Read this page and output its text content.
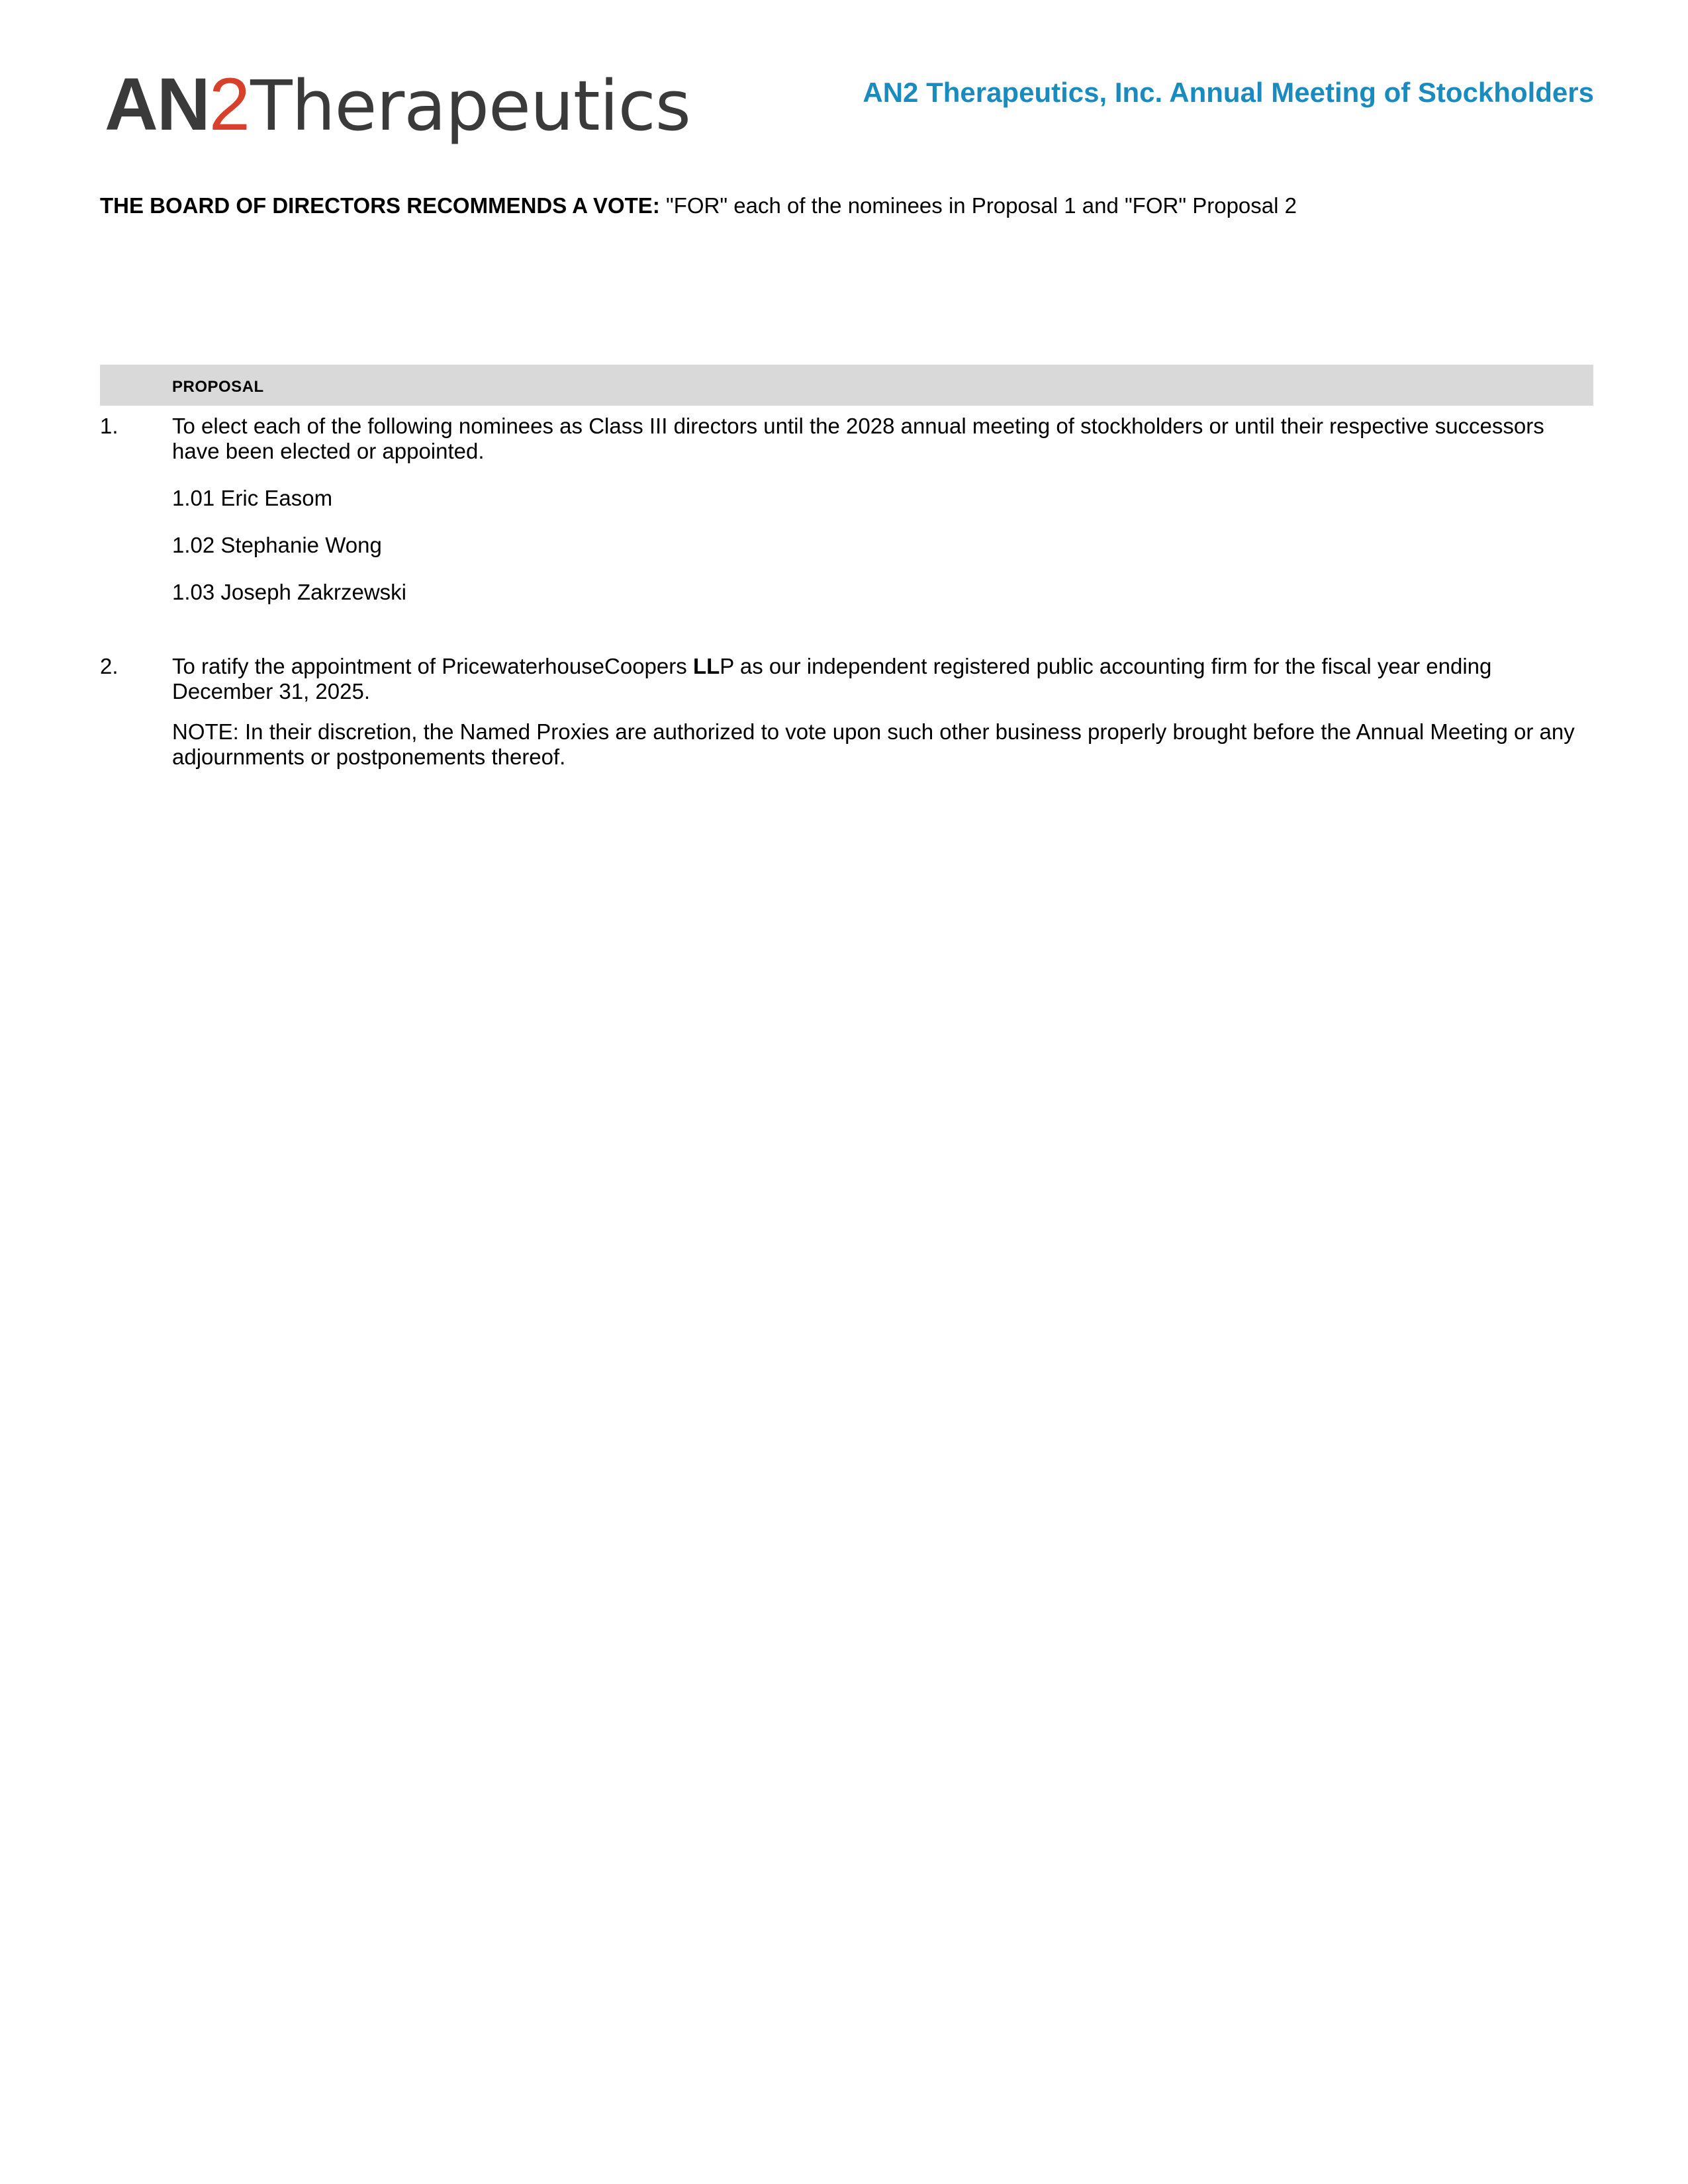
AN2Therapeutics	AN2 Therapeutics, Inc. Annual Meeting of Stockholders
THE BOARD OF DIRECTORS RECOMMENDS A VOTE: "FOR" each of the nominees in Proposal 1 and "FOR" Proposal 2
PROPOSAL
1. To elect each of the following nominees as Class III directors until the 2028 annual meeting of stockholders or until their respective successors have been elected or appointed.
1.01 Eric Easom
1.02 Stephanie Wong
1.03 Joseph Zakrzewski
2. To ratify the appointment of PricewaterhouseCoopers LLP as our independent registered public accounting firm for the fiscal year ending December 31, 2025.
NOTE: In their discretion, the Named Proxies are authorized to vote upon such other business properly brought before the Annual Meeting or any adjournments or postponements thereof.
